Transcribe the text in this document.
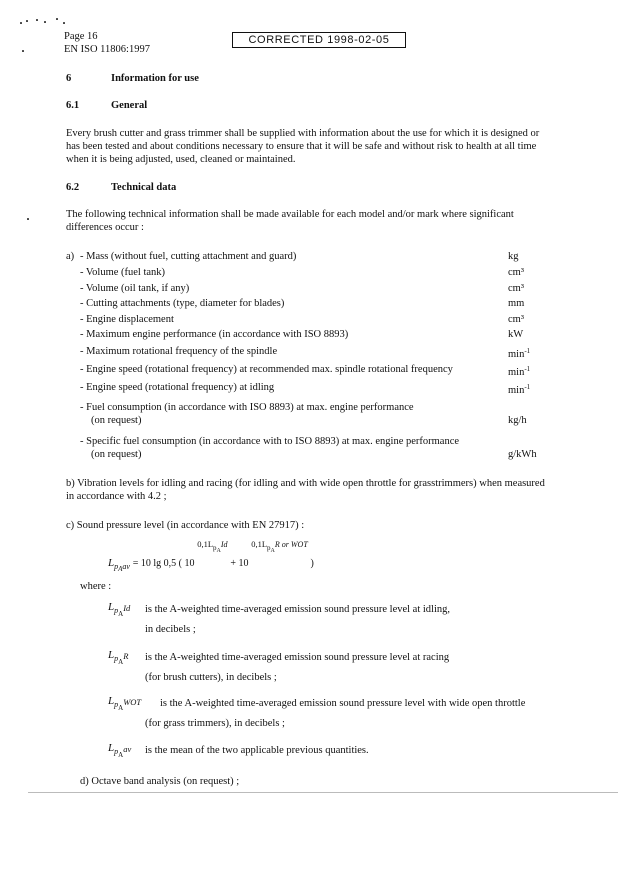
Page 16
EN ISO 11806:1997
CORRECTED 1998-02-05
6	Information for use
6.1	General
Every brush cutter and grass trimmer shall be supplied with information about the use for which it is designed or
has been tested and about conditions necessary to ensure that it will be safe and without risk to health at all time
when it is being adjusted, used, cleaned or maintained.
6.2	Technical data
The following technical information shall be made available for each model and/or mark where significant
differences occur :
a) - Mass (without fuel, cutting attachment and guard)	kg
- Volume (fuel tank)	cm³
- Volume (oil tank, if any)	cm³
- Cutting attachments (type, diameter for blades)	mm
- Engine displacement	cm³
- Maximum engine performance (in accordance with ISO 8893)	kW
- Maximum rotational frequency of the spindle	$\min^{-1}$
- Engine speed (rotational frequency) at recommended max. spindle rotational frequency	$\min^{-1}$
- Engine speed (rotational frequency) at idling	$\min^{-1}$
- Fuel consumption (in accordance with ISO 8893) at max. engine performance
(on request)	kg/h
- Specific fuel consumption (in accordance with to ISO 8893) at max. engine performance
(on request)	g/kWh
b) Vibration levels for idling and racing (for idling and with wide open throttle for grasstrimmers) when measured
in accordance with 4.2 ;
c) Sound pressure level (in accordance with EN 27917) :
$L_{pAav} = 10$ lg 0,5 ( 10 $^{0,1L_{pA}Id}$ + 10 $^{0,1L_{pA}R or WOT}$ )
where :
$L_{pA}Id$ is the A-weighted time-averaged emission sound pressure level at idling,
in decibels ;
$L_{pA}R$ is the A-weighted time-averaged emission sound pressure level at racing
(for brush cutters), in decibels ;
$L_{pA}WOT$ is the A-weighted time-averaged emission sound pressure level with wide open throttle
(for grass trimmers), in decibels ;
$L_{pA}av$ is the mean of the two applicable previous quantities.
d) Octave band analysis (on request) ;
